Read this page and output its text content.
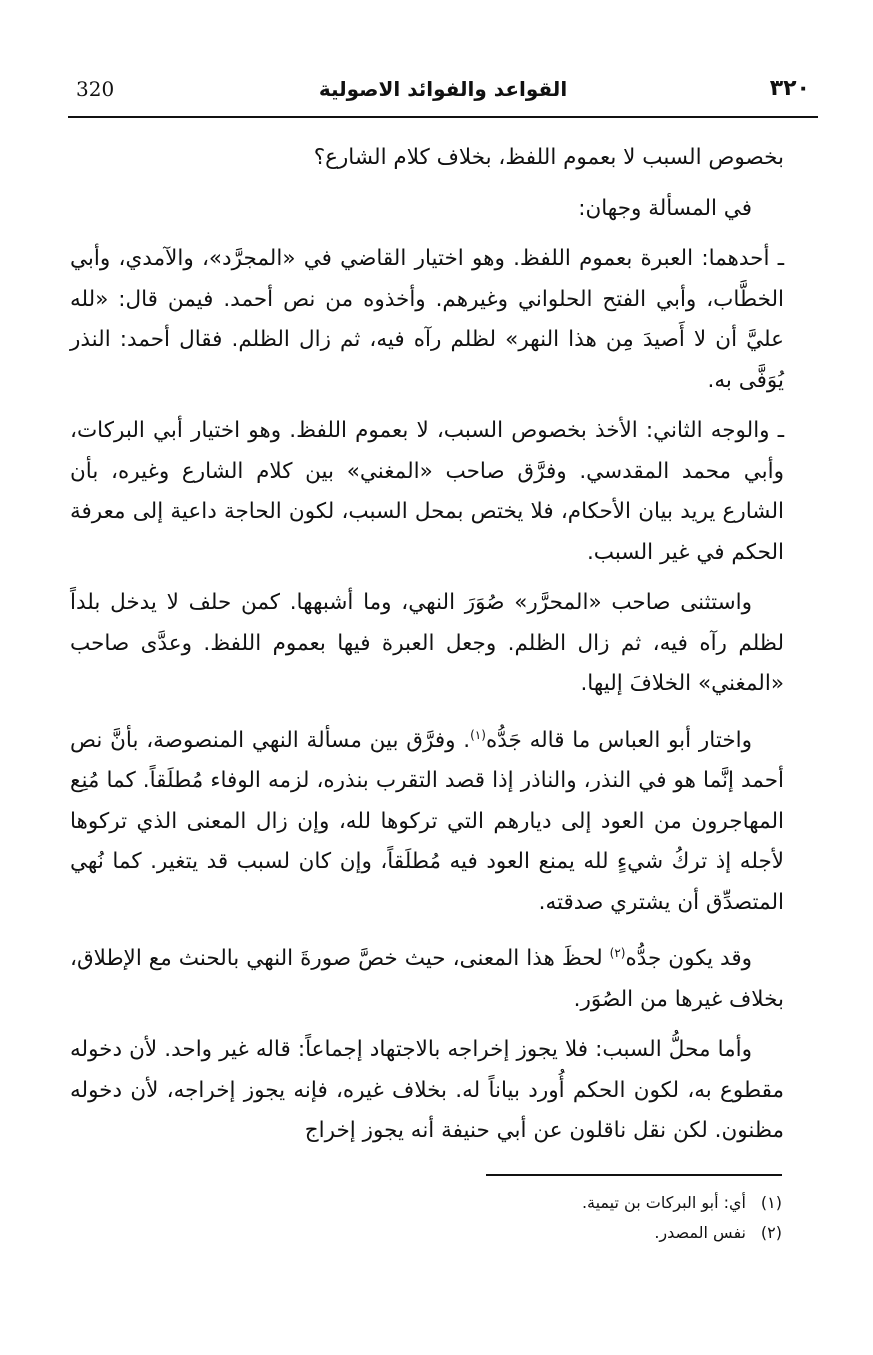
320	القواعد والفوائد الاصولية	٣٢٠

بخصوص السبب لا بعموم اللفظ، بخلاف كلام الشارع؟

في المسألة وجهان:

ـ أحدهما: العبرة بعموم اللفظ. وهو اختيار القاضي في «المجرَّد»، والآمدي، وأبي الخطَّاب، وأبي الفتح الحلواني وغيرهم. وأخذوه من نص أحمد. فيمن قال: «لله عليَّ أن لا أَصيدَ مِن هذا النهر» لظلم رآه فيه، ثم زال الظلم. فقال أحمد: النذر يُوَفَّى به.

ـ والوجه الثاني: الأخذ بخصوص السبب، لا بعموم اللفظ. وهو اختيار أبي البركات، وأبي محمد المقدسي. وفرَّق صاحب «المغني» بين كلام الشارع وغيره، بأن الشارع يريد بيان الأحكام، فلا يختص بمحل السبب، لكون الحاجة داعية إلى معرفة الحكم في غير السبب.

واستثنى صاحب «المحرَّر» صُوَرَ النهي، وما أشبهها. كمن حلف لا يدخل بلداً لظلم رآه فيه، ثم زال الظلم. وجعل العبرة فيها بعموم اللفظ. وعدَّى صاحب «المغني» الخلافَ إليها.

واختار أبو العباس ما قاله جَدُّه$^{(١)}$. وفرَّق بين مسألة النهي المنصوصة، بأنَّ نص أحمد إنَّما هو في النذر، والناذر إذا قصد التقرب بنذره، لزمه الوفاء مُطلَقاً. كما مُنِع المهاجرون من العود إلى ديارهم التي تركوها لله، وإن زال المعنى الذي تركوها لأجله إذ تركُ شيءٍ لله يمنع العود فيه مُطلَقاً، وإن كان لسبب قد يتغير. كما نُهي المتصدِّق أن يشتري صدقته.

وقد يكون جدُّه$^{(٢)}$ لحظَ هذا المعنى، حيث خصَّ صورةَ النهي بالحنث مع الإطلاق، بخلاف غيرها من الصُوَر.

وأما محلُّ السبب: فلا يجوز إخراجه بالاجتهاد إجماعاً: قاله غير واحد. لأن دخوله مقطوع به، لكون الحكم أُورد بياناً له. بخلاف غيره، فإنه يجوز إخراجه، لأن دخوله مظنون. لكن نقل ناقلون عن أبي حنيفة أنه يجوز إخراج

(١)أي: أبو البركات بن تيمية.
(٢)نفس المصدر.
